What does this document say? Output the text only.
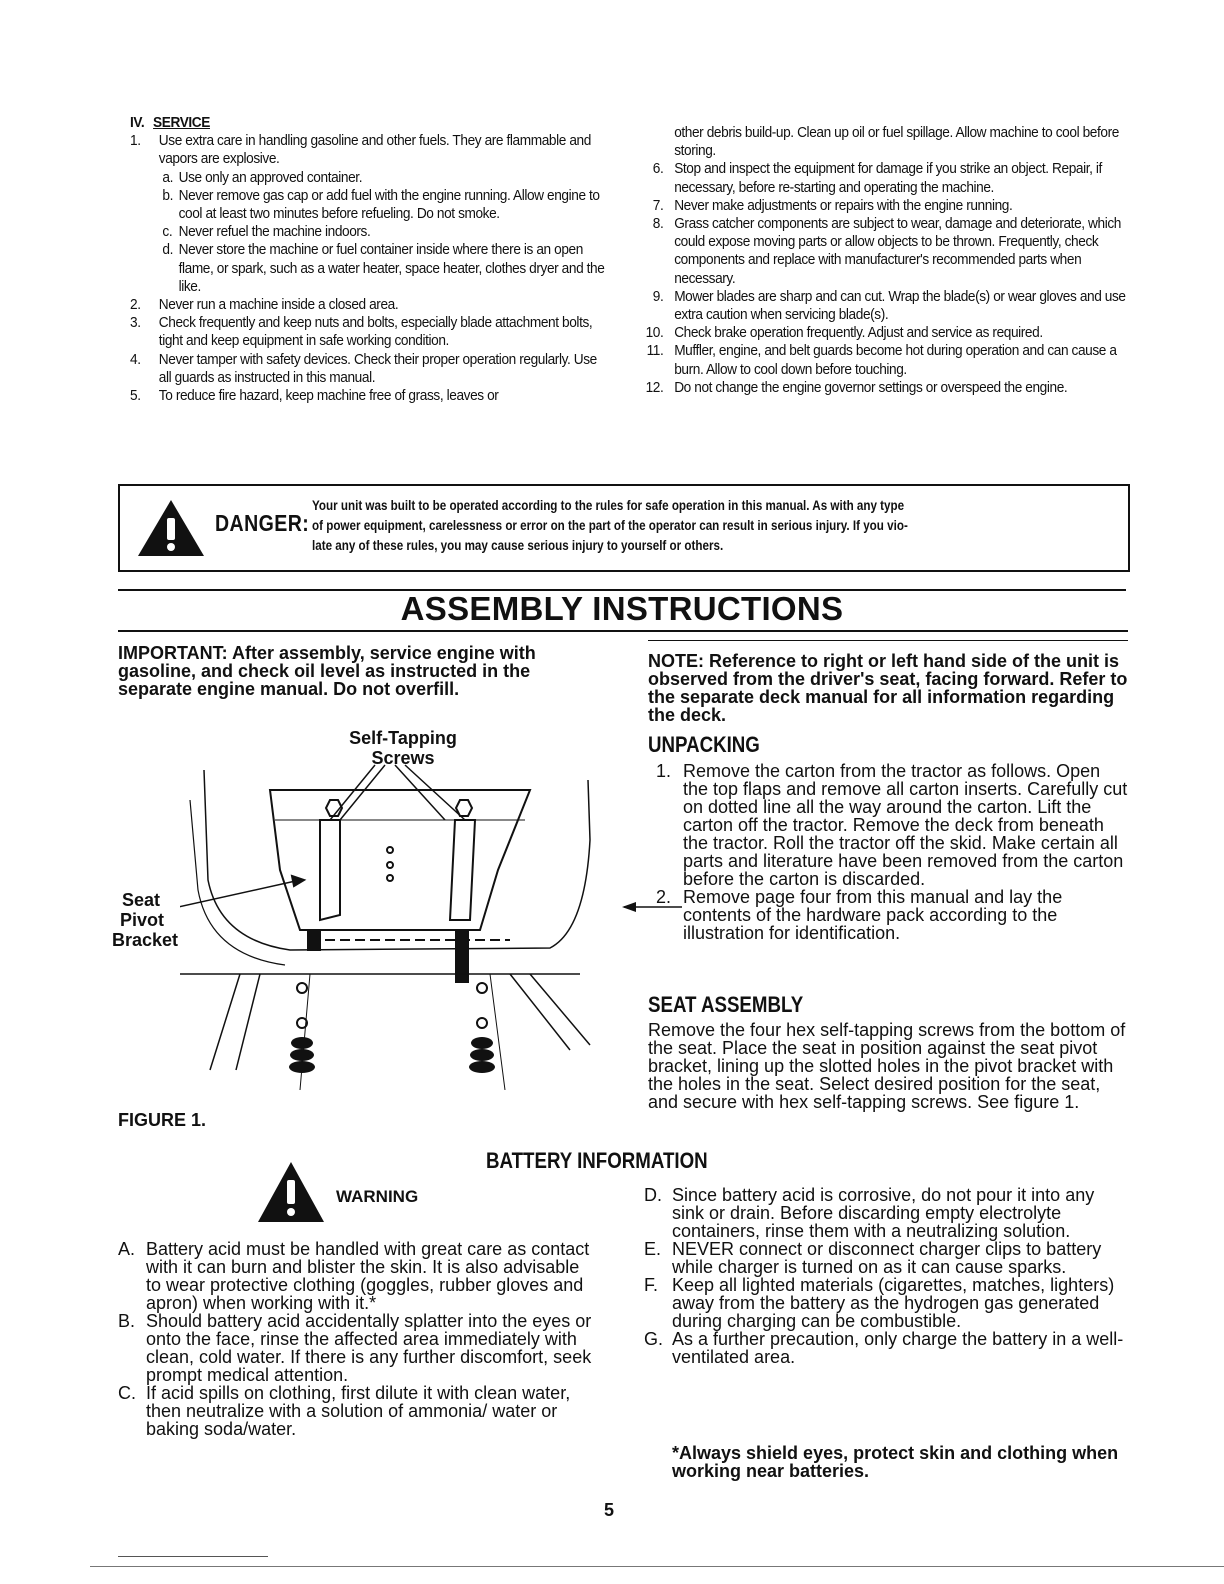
IV. SERVICE
1. Use extra care in handling gasoline and other fuels. They are flammable and vapors are explosive.
a. Use only an approved container.
b. Never remove gas cap or add fuel with the engine running. Allow engine to cool at least two minutes before refueling. Do not smoke.
c. Never refuel the machine indoors.
d. Never store the machine or fuel container inside where there is an open flame, or spark, such as a water heater, space heater, clothes dryer and the like.
2. Never run a machine inside a closed area.
3. Check frequently and keep nuts and bolts, especially blade attachment bolts, tight and keep equipment in safe working condition.
4. Never tamper with safety devices. Check their proper operation regularly. Use all guards as instructed in this manual.
5. To reduce fire hazard, keep machine free of grass, leaves or
other debris build-up. Clean up oil or fuel spillage. Allow machine to cool before storing.
6. Stop and inspect the equipment for damage if you strike an object. Repair, if necessary, before re-starting and operating the machine.
7. Never make adjustments or repairs with the engine running.
8. Grass catcher components are subject to wear, damage and deteriorate, which could expose moving parts or allow objects to be thrown. Frequently, check components and replace with manufacturer's recommended parts when necessary.
9. Mower blades are sharp and can cut. Wrap the blade(s) or wear gloves and use extra caution when servicing blade(s).
10. Check brake operation frequently. Adjust and service as required.
11. Muffler, engine, and belt guards become hot during operation and can cause a burn. Allow to cool down before touching.
12. Do not change the engine governor settings or overspeed the engine.
DANGER:
Your unit was built to be operated according to the rules for safe operation in this manual. As with any type
of power equipment, carelessness or error on the part of the operator can result in serious injury. If you vio-
late any of these rules, you may cause serious injury to yourself or others.
ASSEMBLY INSTRUCTIONS
IMPORTANT: After assembly, service engine with gasoline, and check oil level as instructed in the separate engine manual. Do not overfill.
NOTE: Reference to right or left hand side of the unit is observed from the driver's seat, facing forward. Refer to the separate deck manual for all information regarding the deck.
Self-Tapping
Screws
Seat
Pivot
Bracket
FIGURE 1.
UNPACKING
1. Remove the carton from the tractor as follows. Open the top flaps and remove all carton inserts. Carefully cut on dotted line all the way around the carton. Lift the carton off the tractor. Remove the deck from beneath the tractor. Roll the tractor off the skid. Make certain all parts and literature have been removed from the carton before the carton is discarded.
2. Remove page four from this manual and lay the contents of the hardware pack according to the illustration for identification.
SEAT ASSEMBLY
Remove the four hex self-tapping screws from the bottom of the seat. Place the seat in position against the seat pivot bracket, lining up the slotted holes in the pivot bracket with the holes in the seat. Select desired position for the seat, and secure with hex self-tapping screws. See figure 1.
BATTERY INFORMATION
WARNING
A. Battery acid must be handled with great care as contact with it can burn and blister the skin. It is also advisable to wear protective clothing (goggles, rubber gloves and apron) when working with it.*
B. Should battery acid accidentally splatter into the eyes or onto the face, rinse the affected area immediately with clean, cold water. If there is any further discomfort, seek prompt medical attention.
C. If acid spills on clothing, first dilute it with clean water, then neutralize with a solution of ammonia/ water or baking soda/water.
D. Since battery acid is corrosive, do not pour it into any sink or drain. Before discarding empty electrolyte containers, rinse them with a neutralizing solution.
E. NEVER connect or disconnect charger clips to battery while charger is turned on as it can cause sparks.
F. Keep all lighted materials (cigarettes, matches, lighters) away from the battery as the hydrogen gas generated during charging can be combustible.
G. As a further precaution, only charge the battery in a well-ventilated area.
*Always shield eyes, protect skin and clothing when working near batteries.
5
